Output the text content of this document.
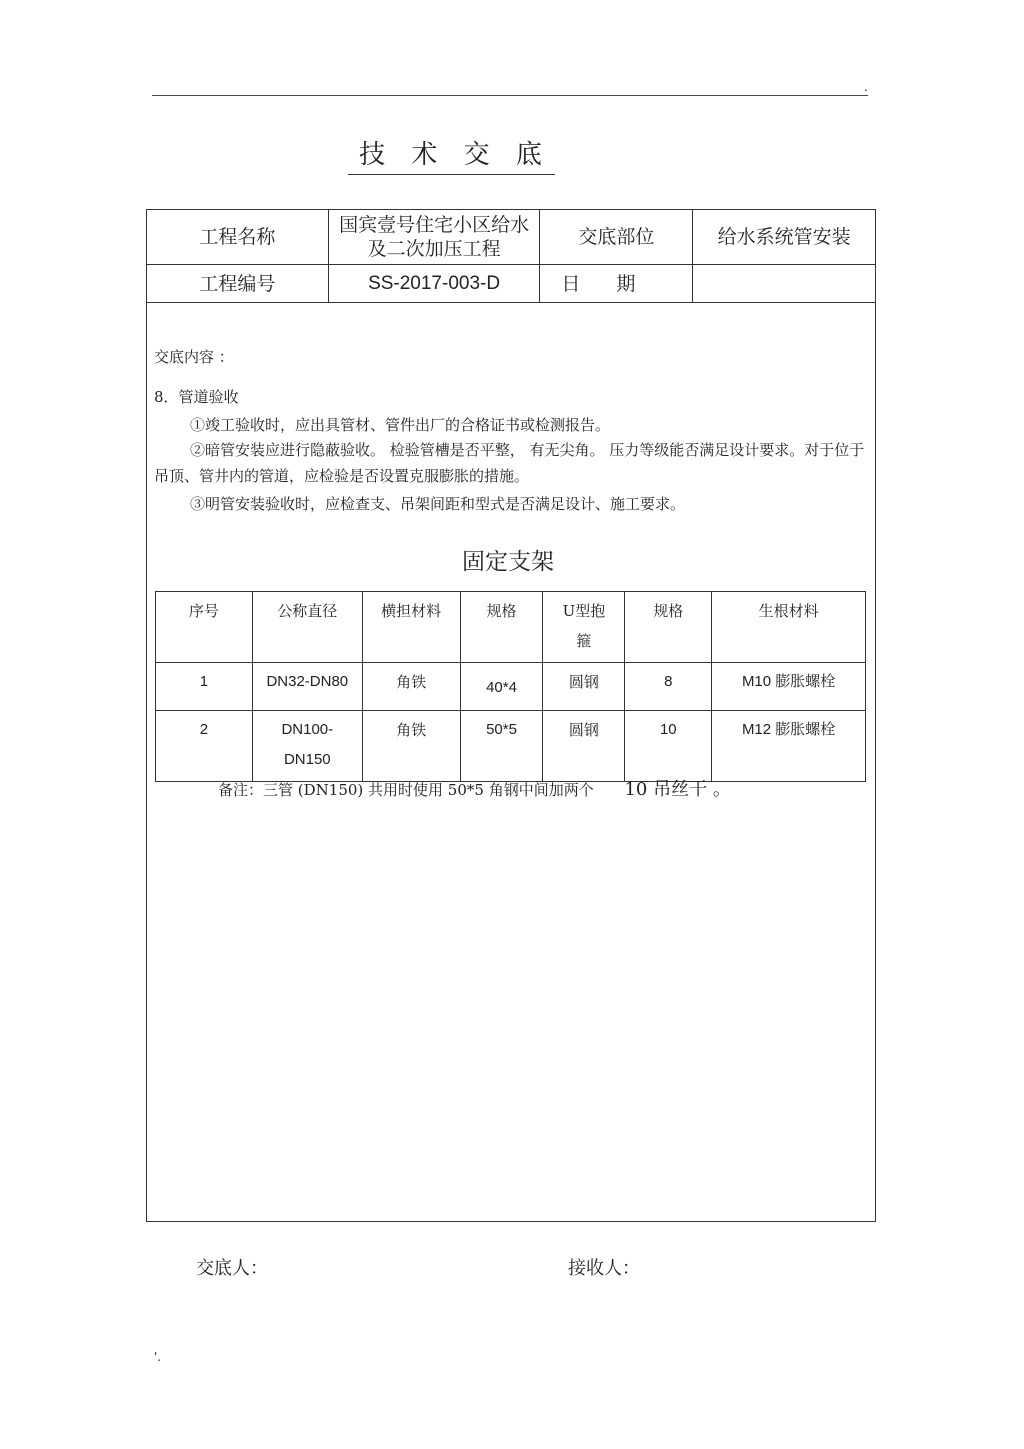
.
技 术 交 底
工程名称	国宾壹号住宅小区给水及二次加压工程	交底部位	给水系统管安装
工程编号	SS-2017-003-D	日期	
交底内容 ：
8．管道验收
①竣工验收时，应出具管材、管件出厂的合格证书或检测报告。
②暗管安装应进行隐蔽验收。 检验管槽是否平整， 有无尖角。 压力等级能否满足设计要求。对于位于吊顶、管井内的管道，应检验是否设置克服膨胀的措施。
③明管安装验收时，应检查支、吊架间距和型式是否满足设计、施工要求。
固定支架
序号	公称直径	横担材料	规格	U型抱箍	规格	生根材料
1	DN32-DN80	角铁	40*4	圆钢	8	M10 膨胀螺栓
2	DN100-DN150	角铁	50*5	圆钢	10	M12 膨胀螺栓
备注：三管 (DN150) 共用时使用 50*5 角钢中间加两个 10 吊丝干 。
交底人：	接收人：
'.
